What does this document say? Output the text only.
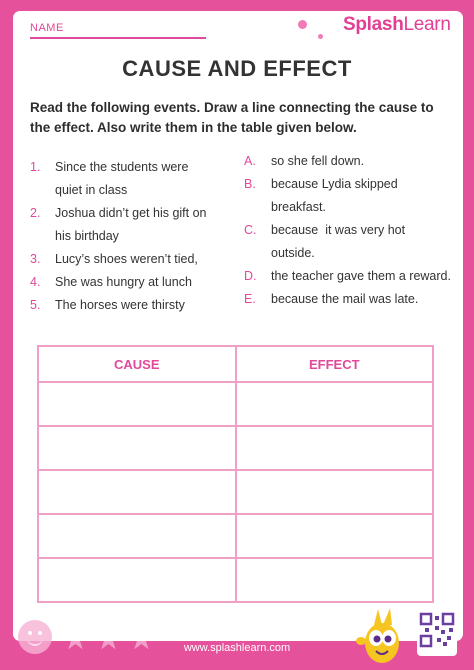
NAME	SplashLearn
CAUSE AND EFFECT
Read the following events. Draw a line connecting the cause to the effect. Also write them in the table given below.
1.	Since the students were
quiet in class
2.	Joshua didn’t get his gift on
his birthday
3.	Lucy’s shoes weren’t tied,
4.	She was hungry at lunch
5.	The horses were thirsty
A.	so she fell down.
B.	because Lydia skipped
breakfast.
C.	because  it was very hot
outside.
D.	the teacher gave them a reward.
E.	because the mail was late.
CAUSE	EFFECT

★ ★ ★	www.splashlearn.com
